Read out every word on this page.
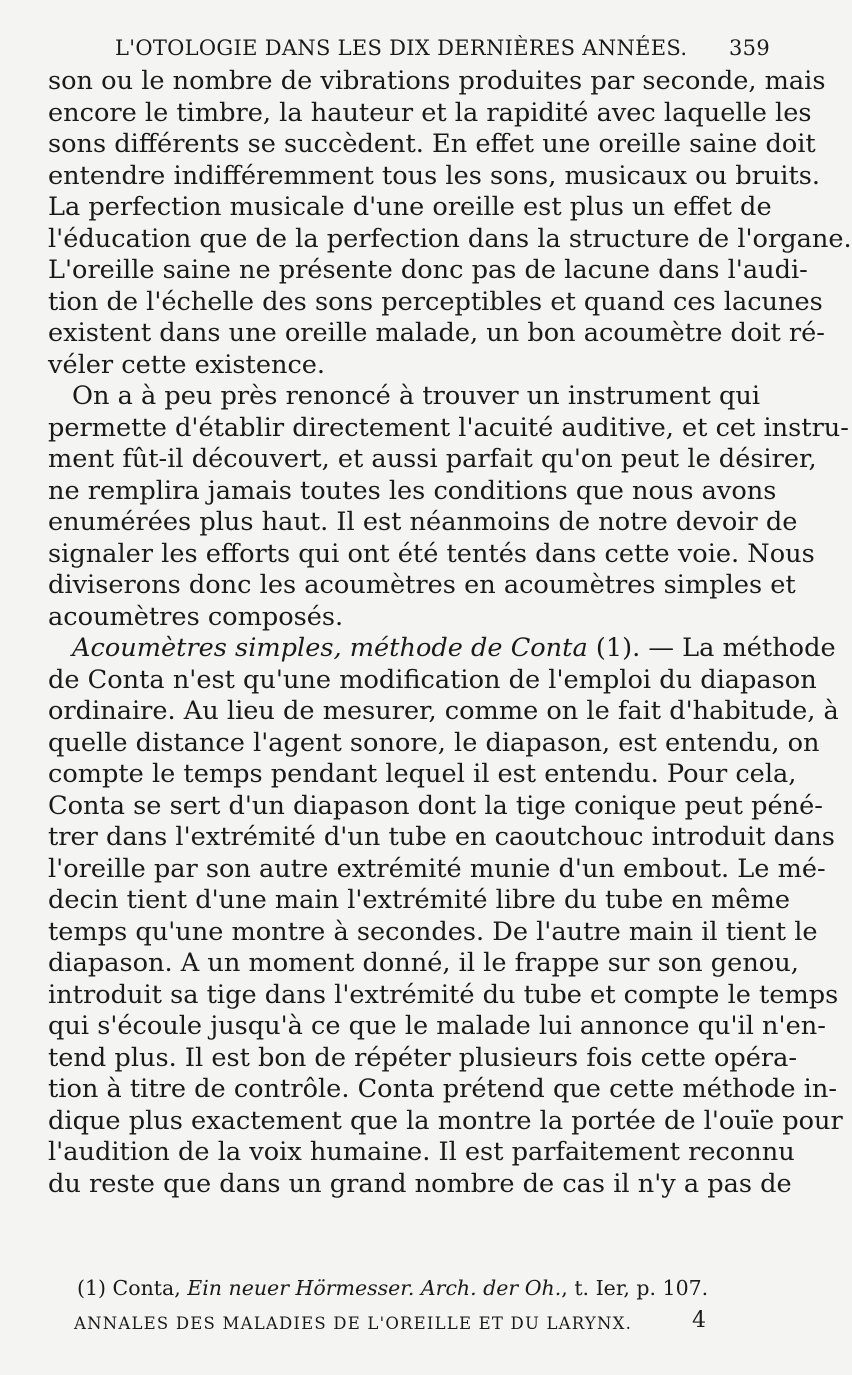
L'OTOLOGIE DANS LES DIX DERNIÈRES ANNÉES. 359

son ou le nombre de vibrations produites par seconde, mais
encore le timbre, la hauteur et la rapidité avec laquelle les
sons différents se succèdent. En effet une oreille saine doit
entendre indifféremment tous les sons, musicaux ou bruits.
La perfection musicale d'une oreille est plus un effet de
l'éducation que de la perfection dans la structure de l'organe.
L'oreille saine ne présente donc pas de lacune dans l'audi-
tion de l'échelle des sons perceptibles et quand ces lacunes
existent dans une oreille malade, un bon acoumètre doit ré-
véler cette existence.

On a à peu près renoncé à trouver un instrument qui
permette d'établir directement l'acuité auditive, et cet instru-
ment fût-il découvert, et aussi parfait qu'on peut le désirer,
ne remplira jamais toutes les conditions que nous avons
enumérées plus haut. Il est néanmoins de notre devoir de
signaler les efforts qui ont été tentés dans cette voie. Nous
diviserons donc les acoumètres en acoumètres simples et
acoumètres composés.

Acoumètres simples, méthode de Conta (1). — La méthode
de Conta n'est qu'une modification de l'emploi du diapason
ordinaire. Au lieu de mesurer, comme on le fait d'habitude, à
quelle distance l'agent sonore, le diapason, est entendu, on
compte le temps pendant lequel il est entendu. Pour cela,
Conta se sert d'un diapason dont la tige conique peut péné-
trer dans l'extrémité d'un tube en caoutchouc introduit dans
l'oreille par son autre extrémité munie d'un embout. Le mé-
decin tient d'une main l'extrémité libre du tube en même
temps qu'une montre à secondes. De l'autre main il tient le
diapason. A un moment donné, il le frappe sur son genou,
introduit sa tige dans l'extrémité du tube et compte le temps
qui s'écoule jusqu'à ce que le malade lui annonce qu'il n'en-
tend plus. Il est bon de répéter plusieurs fois cette opéra-
tion à titre de contrôle. Conta prétend que cette méthode in-
dique plus exactement que la montre la portée de l'ouïe pour
l'audition de la voix humaine. Il est parfaitement reconnu
du reste que dans un grand nombre de cas il n'y a pas de

(1) Conta, Ein neuer Hörmesser. Arch. der Oh., t. Ier, p. 107.
ANNALES DES MALADIES DE L'OREILLE ET DU LARYNX.	4
